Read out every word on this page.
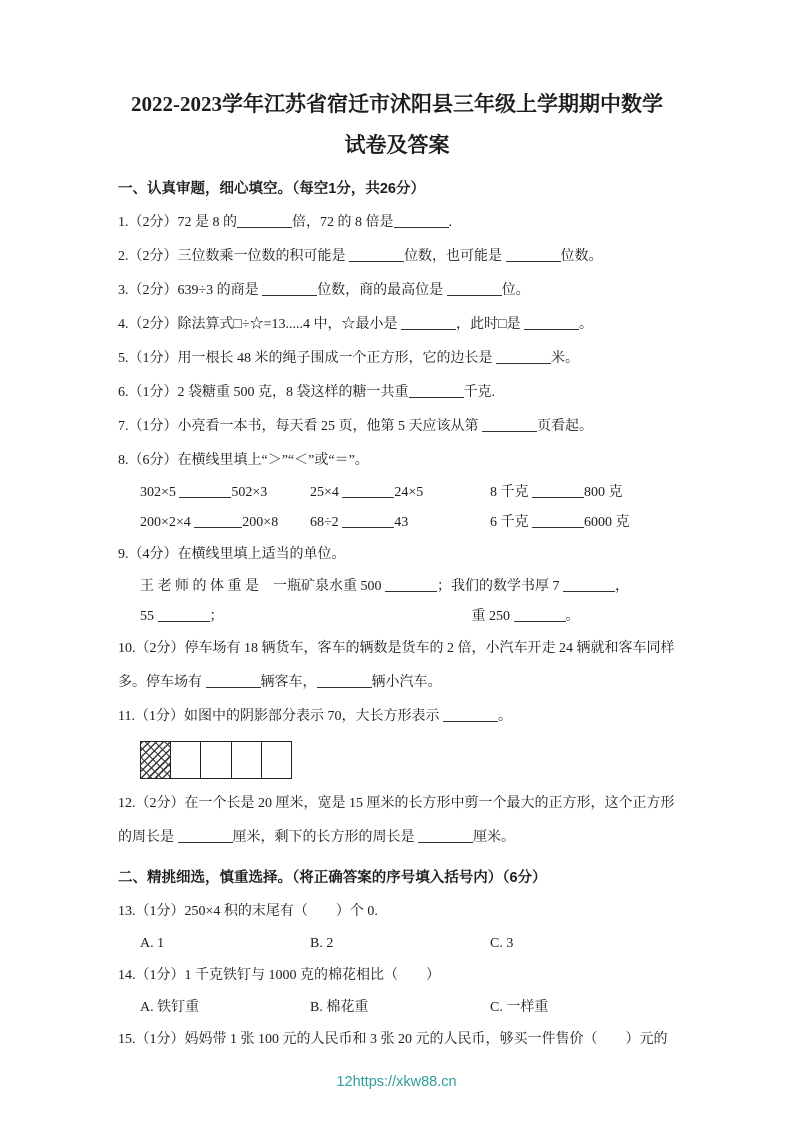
2022-2023学年江苏省宿迁市沭阳县三年级上学期期中数学
试卷及答案

一、认真审题，细心填空。（每空1分，共26分）

1.（2分）72 是 8 的	倍，72 的 8 倍是	.

2.（2分）三位数乘一位数的积可能是	位数，也可能是	位数。

3.（2分）639÷3 的商是	位数，商的最高位是	位。

4.（2分）除法算式□÷☆=13.....4 中，☆最小是	，此时□是	。

5.（1分）用一根长 48 米的绳子围成一个正方形，它的边长是	米。

6.（1分）2 袋糖重 500 克，8 袋这样的糖一共重	千克.

7.（1分）小亮看一本书，每天看 25 页，他第 5 天应该从第	页看起。

8.（6分）在横线里填上“＞”“＜”或“＝”。

302×5	502×3	25×4	24×5	8 千克	800 克
200×2×4	200×8	68÷2	43	6 千克	6000 克

9.（4分）在横线里填上适当的单位。

王 老 师 的 体 重 是 一瓶矿泉水重 500	；我们的数学书厚 7	，

55	；	重 250	。

10.（2分）停车场有 18 辆货车，客车的辆数是货车的 2 倍，小汽车开走 24 辆就和客车同样多。停车场有	辆客车，	辆小汽车。

11.（1分）如图中的阴影部分表示 70，大长方形表示	。

12.（2分）在一个长是 20 厘米，宽是 15 厘米的长方形中剪一个最大的正方形，这个正方形的周长是	厘米，剩下的长方形的周长是	厘米。

二、精挑细选，慎重选择。（将正确答案的序号填入括号内）（6分）

13.（1分）250×4 积的末尾有（　　）个 0.

A. 1	B. 2	C. 3

14.（1分）1 千克铁钉与 1000 克的棉花相比（　　）

A. 铁钉重	B. 棉花重	C. 一样重

15.（1分）妈妈带 1 张 100 元的人民币和 3 张 20 元的人民币，够买一件售价（　　）元的

12https://xkw88.cn
